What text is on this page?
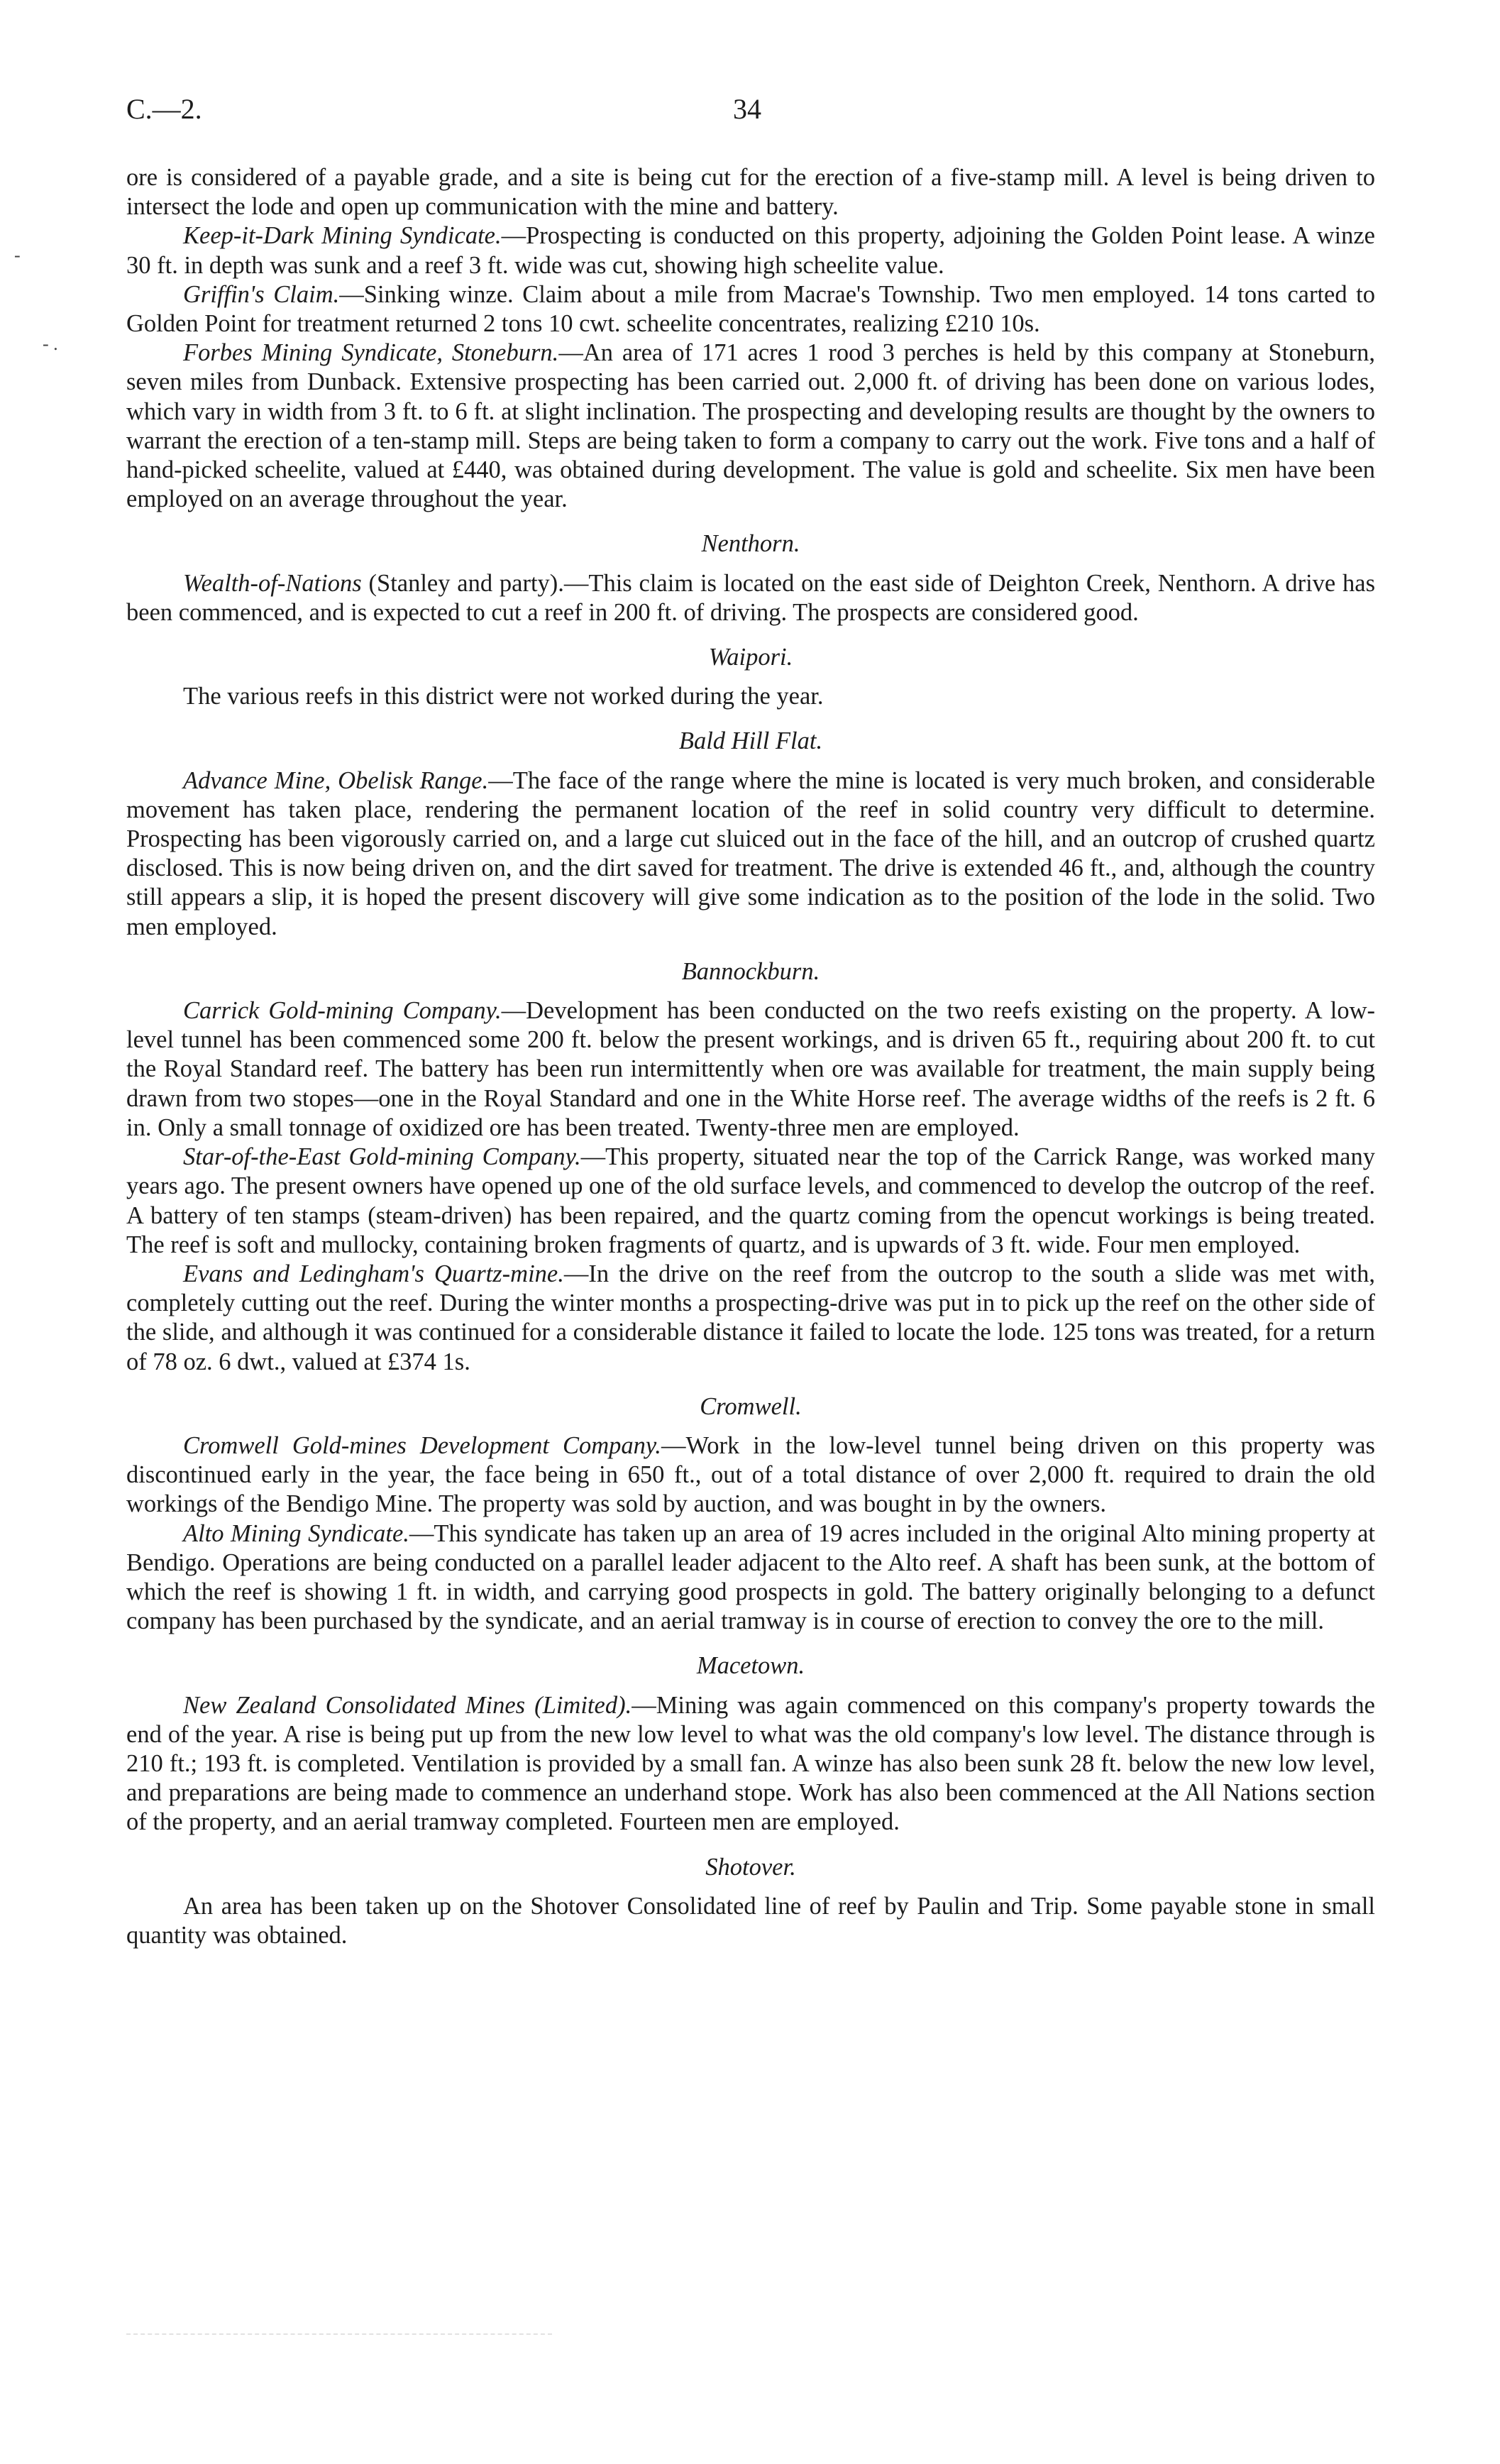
C.—2.	34
-
- .

ore is considered of a payable grade, and a site is being cut for the erection of a five-stamp mill. A level is being driven to intersect the lode and open up communication with the mine and battery.

Keep-it-Dark Mining Syndicate.—Prospecting is conducted on this property, adjoining the Golden Point lease. A winze 30 ft. in depth was sunk and a reef 3 ft. wide was cut, showing high scheelite value.

Griffin's Claim.—Sinking winze. Claim about a mile from Macrae's Township. Two men employed. 14 tons carted to Golden Point for treatment returned 2 tons 10 cwt. scheelite concentrates, realizing £210 10s.

Forbes Mining Syndicate, Stoneburn.—An area of 171 acres 1 rood 3 perches is held by this company at Stoneburn, seven miles from Dunback. Extensive prospecting has been carried out. 2,000 ft. of driving has been done on various lodes, which vary in width from 3 ft. to 6 ft. at slight inclination. The prospecting and developing results are thought by the owners to warrant the erection of a ten-stamp mill. Steps are being taken to form a company to carry out the work. Five tons and a half of hand-picked scheelite, valued at £440, was obtained during development. The value is gold and scheelite. Six men have been employed on an average throughout the year.

Nenthorn.

Wealth-of-Nations (Stanley and party).—This claim is located on the east side of Deighton Creek, Nenthorn. A drive has been commenced, and is expected to cut a reef in 200 ft. of driving. The prospects are considered good.

Waipori.

The various reefs in this district were not worked during the year.

Bald Hill Flat.

Advance Mine, Obelisk Range.—The face of the range where the mine is located is very much broken, and considerable movement has taken place, rendering the permanent location of the reef in solid country very difficult to determine. Prospecting has been vigorously carried on, and a large cut sluiced out in the face of the hill, and an outcrop of crushed quartz disclosed. This is now being driven on, and the dirt saved for treatment. The drive is extended 46 ft., and, although the country still appears a slip, it is hoped the present discovery will give some indication as to the position of the lode in the solid. Two men employed.

Bannockburn.

Carrick Gold-mining Company.—Development has been conducted on the two reefs existing on the property. A low-level tunnel has been commenced some 200 ft. below the present workings, and is driven 65 ft., requiring about 200 ft. to cut the Royal Standard reef. The battery has been run intermittently when ore was available for treatment, the main supply being drawn from two stopes—one in the Royal Standard and one in the White Horse reef. The average widths of the reefs is 2 ft. 6 in. Only a small tonnage of oxidized ore has been treated. Twenty-three men are employed.

Star-of-the-East Gold-mining Company.—This property, situated near the top of the Carrick Range, was worked many years ago. The present owners have opened up one of the old surface levels, and commenced to develop the outcrop of the reef. A battery of ten stamps (steam-driven) has been repaired, and the quartz coming from the opencut workings is being treated. The reef is soft and mullocky, containing broken fragments of quartz, and is upwards of 3 ft. wide. Four men employed.

Evans and Ledingham's Quartz-mine.—In the drive on the reef from the outcrop to the south a slide was met with, completely cutting out the reef. During the winter months a prospecting-drive was put in to pick up the reef on the other side of the slide, and although it was continued for a considerable distance it failed to locate the lode. 125 tons was treated, for a return of 78 oz. 6 dwt., valued at £374 1s.

Cromwell.

Cromwell Gold-mines Development Company.—Work in the low-level tunnel being driven on this property was discontinued early in the year, the face being in 650 ft., out of a total distance of over 2,000 ft. required to drain the old workings of the Bendigo Mine. The property was sold by auction, and was bought in by the owners.

Alto Mining Syndicate.—This syndicate has taken up an area of 19 acres included in the original Alto mining property at Bendigo. Operations are being conducted on a parallel leader adjacent to the Alto reef. A shaft has been sunk, at the bottom of which the reef is showing 1 ft. in width, and carrying good prospects in gold. The battery originally belonging to a defunct company has been purchased by the syndicate, and an aerial tramway is in course of erection to convey the ore to the mill.

Macetown.

New Zealand Consolidated Mines (Limited).—Mining was again commenced on this company's property towards the end of the year. A rise is being put up from the new low level to what was the old company's low level. The distance through is 210 ft.; 193 ft. is completed. Ventilation is provided by a small fan. A winze has also been sunk 28 ft. below the new low level, and preparations are being made to commence an underhand stope. Work has also been commenced at the All Nations section of the property, and an aerial tramway completed. Fourteen men are employed.

Shotover.

An area has been taken up on the Shotover Consolidated line of reef by Paulin and Trip. Some payable stone in small quantity was obtained.
